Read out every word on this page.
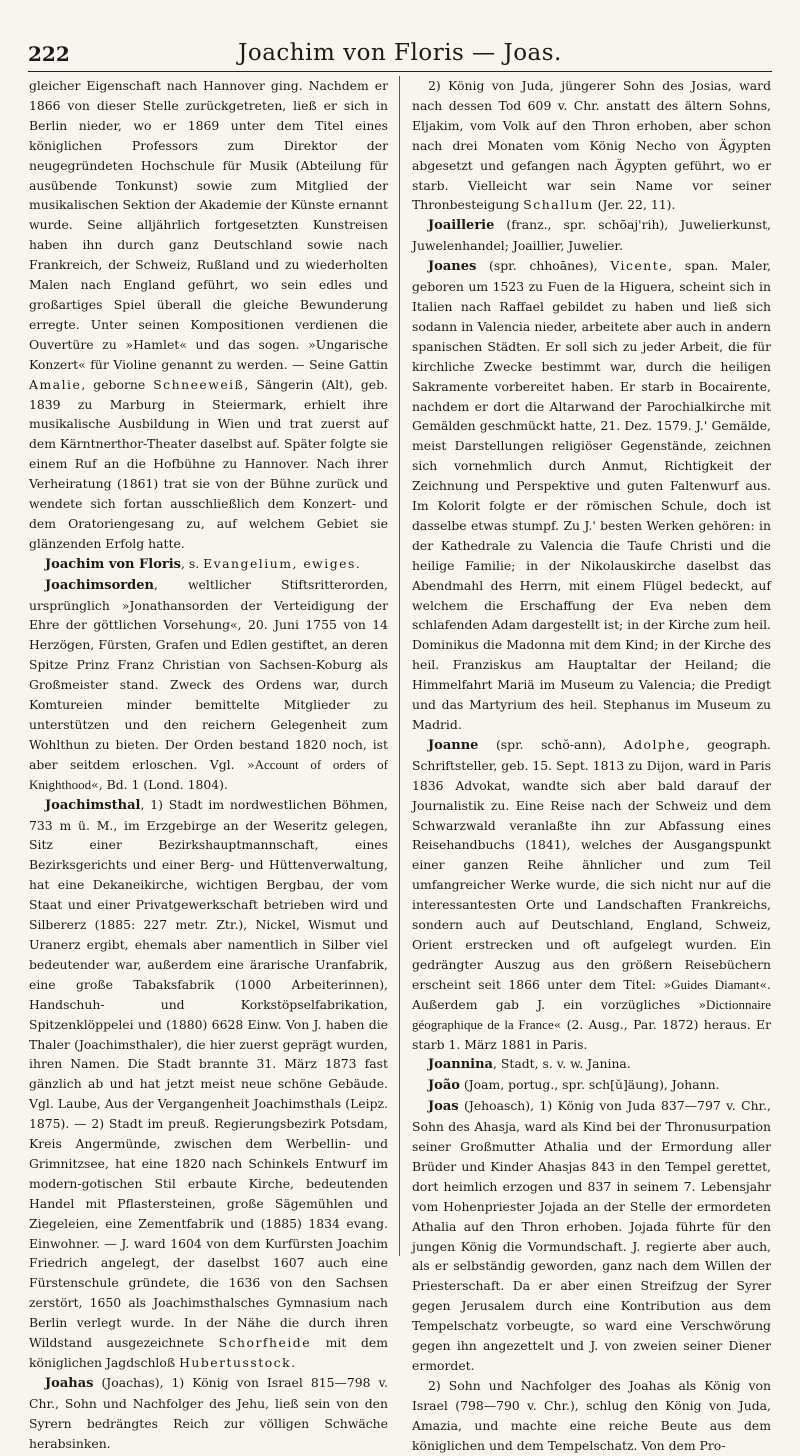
222	Joachim von Floris — Joas.

gleicher Eigenschaft nach Hannover ging. Nachdem er 1866 von dieser Stelle zurückgetreten, ließ er sich in Berlin nieder, wo er 1869 unter dem Titel eines königlichen Professors zum Direktor der neugegründeten Hochschule für Musik (Abteilung für ausübende Tonkunst) sowie zum Mitglied der musikalischen Sektion der Akademie der Künste ernannt wurde. Seine alljährlich fortgesetzten Kunstreisen haben ihn durch ganz Deutschland sowie nach Frankreich, der Schweiz, Rußland und zu wiederholten Malen nach England geführt, wo sein edles und großartiges Spiel überall die gleiche Bewunderung erregte. Unter seinen Kompositionen verdienen die Ouvertüre zu »Hamlet« und das sogen. »Ungarische Konzert« für Violine genannt zu werden. — Seine Gattin Amalie, geborne Schneeweiß, Sängerin (Alt), geb. 1839 zu Marburg in Steiermark, erhielt ihre musikalische Ausbildung in Wien und trat zuerst auf dem Kärntnerthor-Theater daselbst auf. Später folgte sie einem Ruf an die Hofbühne zu Hannover. Nach ihrer Verheiratung (1861) trat sie von der Bühne zurück und wendete sich fortan ausschließlich dem Konzert- und dem Oratoriengesang zu, auf welchem Gebiet sie glänzenden Erfolg hatte.

Joachim von Floris, s. Evangelium, ewiges.

Joachimsorden, weltlicher Stiftsritterorden, ursprünglich »Jonathansorden der Verteidigung der Ehre der göttlichen Vorsehung«, 20. Juni 1755 von 14 Herzögen, Fürsten, Grafen und Edlen gestiftet, an deren Spitze Prinz Franz Christian von Sachsen-Koburg als Großmeister stand. Zweck des Ordens war, durch Komtureien minder bemittelte Mitglieder zu unterstützen und den reichern Gelegenheit zum Wohlthun zu bieten. Der Orden bestand 1820 noch, ist aber seitdem erloschen. Vgl. »Account of orders of Knighthood«, Bd. 1 (Lond. 1804).

Joachimsthal, 1) Stadt im nordwestlichen Böhmen, 733 m ü. M., im Erzgebirge an der Weseritz gelegen, Sitz einer Bezirkshauptmannschaft, eines Bezirksgerichts und einer Berg- und Hüttenverwaltung, hat eine Dekaneikirche, wichtigen Bergbau, der vom Staat und einer Privatgewerkschaft betrieben wird und Silbererz (1885: 227 metr. Ztr.), Nickel, Wismut und Uranerz ergibt, ehemals aber namentlich in Silber viel bedeutender war, außerdem eine ärarische Uranfabrik, eine große Tabaksfabrik (1000 Arbeiterinnen), Handschuh- und Korkstöpselfabrikation, Spitzenklöppelei und (1880) 6628 Einw. Von J. haben die Thaler (Joachimsthaler), die hier zuerst geprägt wurden, ihren Namen. Die Stadt brannte 31. März 1873 fast gänzlich ab und hat jetzt meist neue schöne Gebäude. Vgl. Laube, Aus der Vergangenheit Joachimsthals (Leipz. 1875). — 2) Stadt im preuß. Regierungsbezirk Potsdam, Kreis Angermünde, zwischen dem Werbellin- und Grimnitzsee, hat eine 1820 nach Schinkels Entwurf im modern-gotischen Stil erbaute Kirche, bedeutenden Handel mit Pflastersteinen, große Sägemühlen und Ziegeleien, eine Zementfabrik und (1885) 1834 evang. Einwohner. — J. ward 1604 von dem Kurfürsten Joachim Friedrich angelegt, der daselbst 1607 auch eine Fürstenschule gründete, die 1636 von den Sachsen zerstört, 1650 als Joachimsthalsches Gymnasium nach Berlin verlegt wurde. In der Nähe die durch ihren Wildstand ausgezeichnete Schorfheide mit dem königlichen Jagdschloß Hubertusstock.

Joahas (Joachas), 1) König von Israel 815—798 v. Chr., Sohn und Nachfolger des Jehu, ließ sein von den Syrern bedrängtes Reich zur völligen Schwäche herabsinken.

2) König von Juda, jüngerer Sohn des Josias, ward nach dessen Tod 609 v. Chr. anstatt des ältern Sohns, Eljakim, vom Volk auf den Thron erhoben, aber schon nach drei Monaten vom König Necho von Ägypten abgesetzt und gefangen nach Ägypten geführt, wo er starb. Vielleicht war sein Name vor seiner Thronbesteigung Schallum (Jer. 22, 11).

Joaillerie (franz., spr. schōaj'rih), Juwelierkunst, Juwelenhandel; Joaillier, Juwelier.

Joanes (spr. chhoānes), Vicente, span. Maler, geboren um 1523 zu Fuen de la Higuera, scheint sich in Italien nach Raffael gebildet zu haben und ließ sich sodann in Valencia nieder, arbeitete aber auch in andern spanischen Städten. Er soll sich zu jeder Arbeit, die für kirchliche Zwecke bestimmt war, durch die heiligen Sakramente vorbereitet haben. Er starb in Bocairente, nachdem er dort die Altarwand der Parochialkirche mit Gemälden geschmückt hatte, 21. Dez. 1579. J.' Gemälde, meist Darstellungen religiöser Gegenstände, zeichnen sich vornehmlich durch Anmut, Richtigkeit der Zeichnung und Perspektive und guten Faltenwurf aus. Im Kolorit folgte er der römischen Schule, doch ist dasselbe etwas stumpf. Zu J.' besten Werken gehören: in der Kathedrale zu Valencia die Taufe Christi und die heilige Familie; in der Nikolauskirche daselbst das Abendmahl des Herrn, mit einem Flügel bedeckt, auf welchem die Erschaffung der Eva neben dem schlafenden Adam dargestellt ist; in der Kirche zum heil. Dominikus die Madonna mit dem Kind; in der Kirche des heil. Franziskus am Hauptaltar der Heiland; die Himmelfahrt Mariä im Museum zu Valencia; die Predigt und das Martyrium des heil. Stephanus im Museum zu Madrid.

Joanne (spr. schŏ-ann), Adolphe, geograph. Schriftsteller, geb. 15. Sept. 1813 zu Dijon, ward in Paris 1836 Advokat, wandte sich aber bald darauf der Journalistik zu. Eine Reise nach der Schweiz und dem Schwarzwald veranlaßte ihn zur Abfassung eines Reisehandbuchs (1841), welches der Ausgangspunkt einer ganzen Reihe ähnlicher und zum Teil umfangreicher Werke wurde, die sich nicht nur auf die interessantesten Orte und Landschaften Frankreichs, sondern auch auf Deutschland, England, Schweiz, Orient erstrecken und oft aufgelegt wurden. Ein gedrängter Auszug aus den größern Reisebüchern erscheint seit 1866 unter dem Titel: »Guides Diamant«. Außerdem gab J. ein vorzügliches »Dictionnaire géographique de la France« (2. Ausg., Par. 1872) heraus. Er starb 1. März 1881 in Paris.

Joannina, Stadt, s. v. w. Janina.

João (Joam, portug., spr. sch[ŭ]äung), Johann.

Joas (Jehoasch), 1) König von Juda 837—797 v. Chr., Sohn des Ahasja, ward als Kind bei der Thronusurpation seiner Großmutter Athalia und der Ermordung aller Brüder und Kinder Ahasjas 843 in den Tempel gerettet, dort heimlich erzogen und 837 in seinem 7. Lebensjahr vom Hohenpriester Jojada an der Stelle der ermordeten Athalia auf den Thron erhoben. Jojada führte für den jungen König die Vormundschaft. J. regierte aber auch, als er selbständig geworden, ganz nach dem Willen der Priesterschaft. Da er aber einen Streifzug der Syrer gegen Jerusalem durch eine Kontribution aus dem Tempelschatz vorbeugte, so ward eine Verschwörung gegen ihn angezettelt und J. von zweien seiner Diener ermordet.

2) Sohn und Nachfolger des Joahas als König von Israel (798—790 v. Chr.), schlug den König von Juda, Amazia, und machte eine reiche Beute aus dem königlichen und dem Tempelschatz. Von dem Pro-
